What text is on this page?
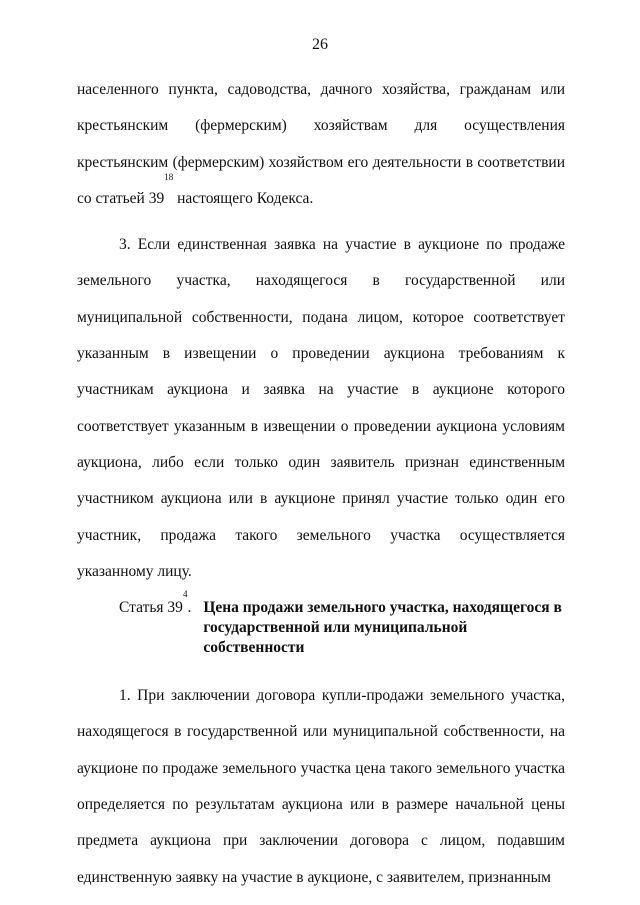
26

населенного пункта, садоводства, дачного хозяйства, гражданам или крестьянским (фермерским) хозяйствам для осуществления крестьянским (фермерским) хозяйством его деятельности в соответствии со статьей $39^{18}$ настоящего Кодекса.

3. Если единственная заявка на участие в аукционе по продаже земельного участка, находящегося в государственной или муниципальной собственности, подана лицом, которое соответствует указанным в извещении о проведении аукциона требованиям к участникам аукциона и заявка на участие в аукционе которого соответствует указанным в извещении о проведении аукциона условиям аукциона, либо если только один заявитель признан единственным участником аукциона или в аукционе принял участие только один его участник, продажа такого земельного участка осуществляется указанному лицу.

Статья $39^4$. Цена продажи земельного участка, находящегося в государственной или муниципальной собственности

1. При заключении договора купли-продажи земельного участка, находящегося в государственной или муниципальной собственности, на аукционе по продаже земельного участка цена такого земельного участка определяется по результатам аукциона или в размере начальной цены предмета аукциона при заключении договора с лицом, подавшим единственную заявку на участие в аукционе, с заявителем, признанным
